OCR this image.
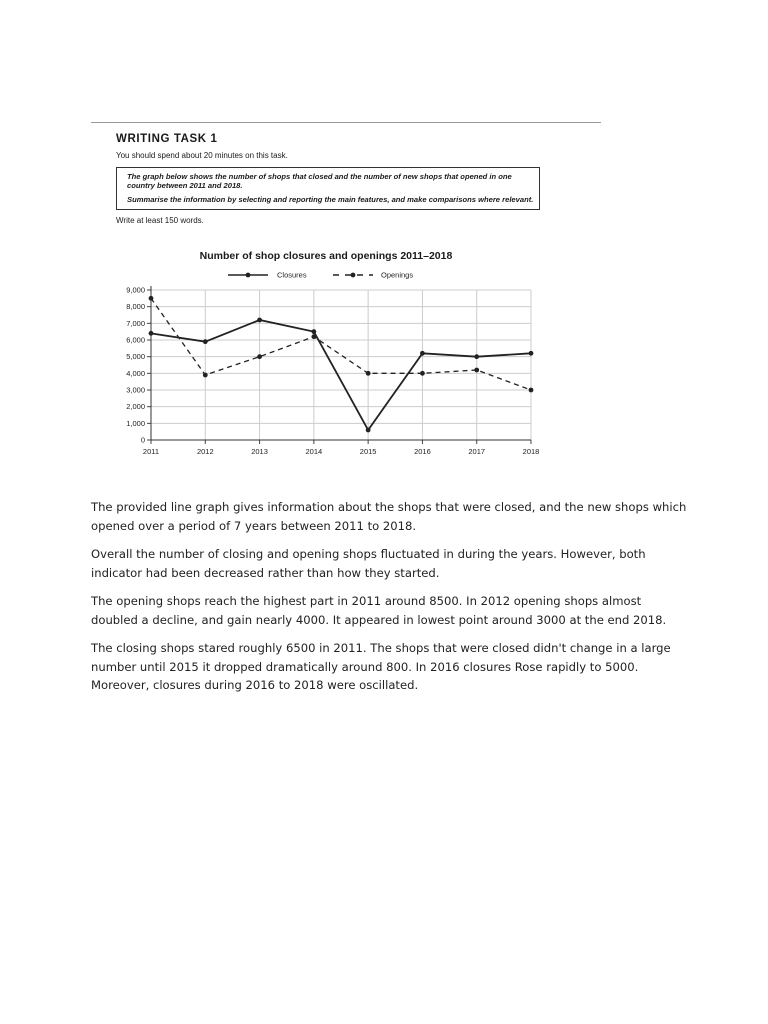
WRITING TASK 1
You should spend about 20 minutes on this task.

The graph below shows the number of shops that closed and the number of new shops that opened in one country between 2011 and 2018.

Summarise the information by selecting and reporting the main features, and make comparisons where relevant.

Write at least 150 words.
Number of shop closures and openings 2011–2018
0
1,000
2,000
3,000
4,000
5,000
6,000
7,000
8,000
9,000
2011	2012	2013	2014	2015	2016	2017	2018
Closures	Openings

The provided line graph gives information about the shops that were closed, and the new shops which opened over a period of 7 years between 2011 to 2018.

Overall the number of closing and opening shops fluctuated in during the years. However, both indicator had been decreased rather than how they started.

The opening shops reach the highest part in 2011 around 8500. In 2012 opening shops almost doubled a decline, and gain nearly 4000. It appeared in lowest point around 3000 at the end 2018.

The closing shops stared roughly 6500 in 2011. The shops that were closed didn't change in a large number until 2015 it dropped dramatically around 800. In 2016 closures Rose rapidly to 5000. Moreover, closures during 2016 to 2018 were oscillated.
